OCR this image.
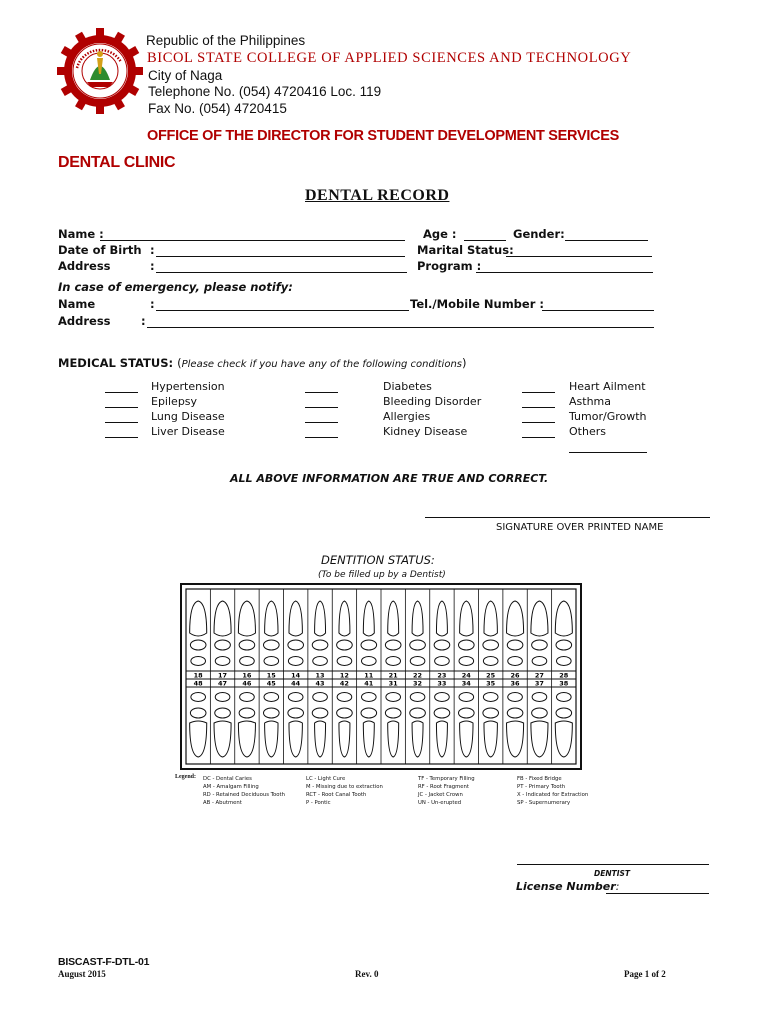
Republic of the Philippines
BICOL STATE COLLEGE OF APPLIED SCIENCES AND TECHNOLOGY
City of Naga
Telephone No. (054) 4720416 Loc. 119
Fax No. (054) 4720415
OFFICE OF THE DIRECTOR FOR STUDENT DEVELOPMENT SERVICES
DENTAL CLINIC
DENTAL RECORD
Name :	Age :	Gender:
Date of Birth :	Marital Status:
Address	:	Program :
In case of emergency, please notify:
Name	:	Tel./Mobile Number :
Address	:
MEDICAL STATUS: (Please check if you have any of the following conditions)
Hypertension
Epilepsy
Lung Disease
Liver Disease
Diabetes
Bleeding Disorder
Allergies
Kidney Disease
Heart Ailment
Asthma
Tumor/Growth
Others
ALL ABOVE INFORMATION ARE TRUE AND CORRECT.
SIGNATURE OVER PRINTED NAME
DENTITION STATUS:
(To be filled up by a Dentist)
18
48
17
47
16
46
15
45
14
44
13
43
12
42
11
41
21
31
22
32
23
33
24
34
25
35
26
36
27
37
28
38
Legend: DC - Dental Caries
AM - Amalgam Filling
RD - Retained Deciduous Tooth
AB - Abutment
LC - Light Cure
M - Missing due to extraction
RCT - Root Canal Tooth
P - Pontic
TF - Temporary Filling
RF - Root Fragment
JC - Jacket Crown
UN - Un-erupted
FB - Fixed Bridge
PT - Primary Tooth
X - Indicated for Extraction
SP - Supernumerary
DENTIST
License Number:
BISCAST-F-DTL-01
August 2015	Rev. 0	Page 1 of 2
